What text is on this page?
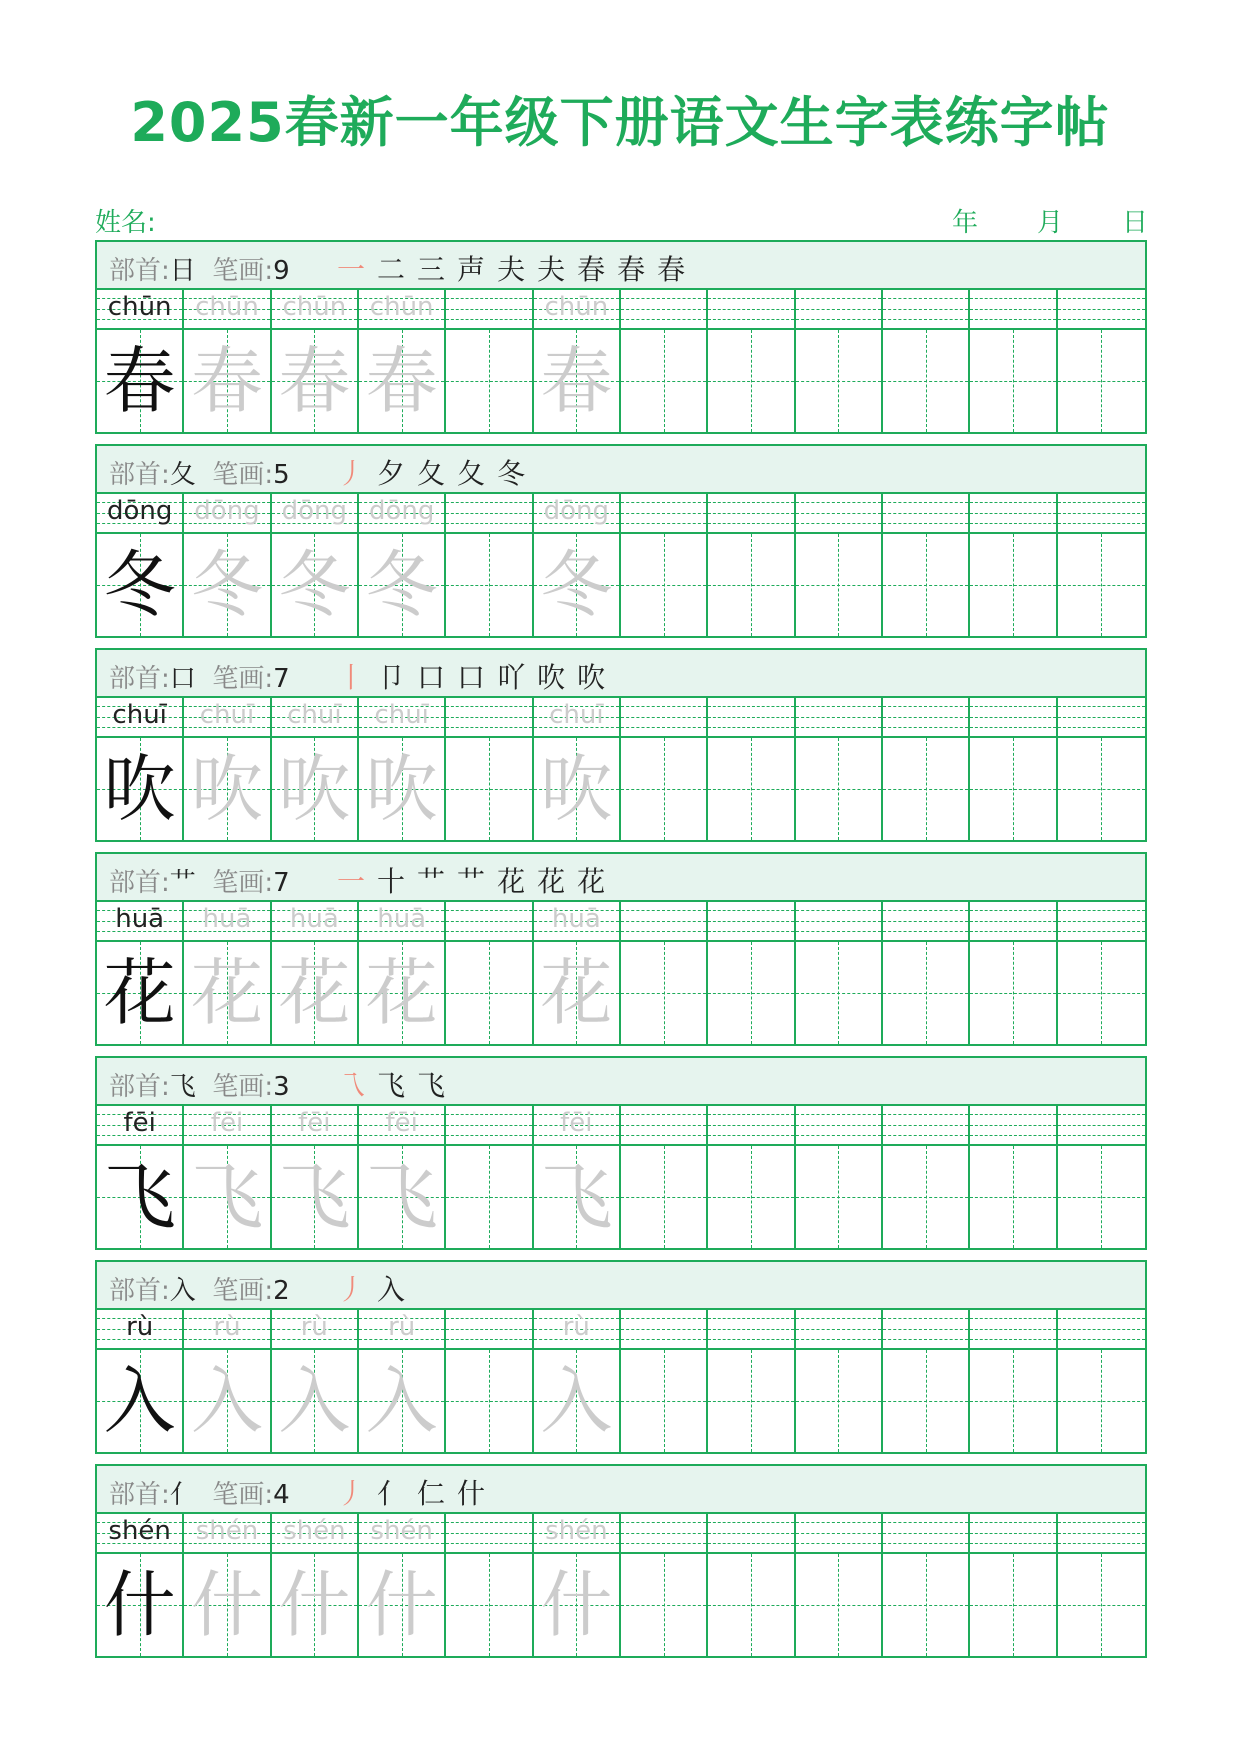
2025春新一年级下册语文生字表练字帖
姓名:	年 月 日
部首:日 笔画:9 一 二 三 声 夫 夫 春 春 春
chūn
春
chūn
春
chūn
春
chūn
春
chūn
春
部首:夂 笔画:5 丿 夕 夂 夂 冬
dōng
冬
dōng
冬
dōng
冬
dōng
冬
dōng
冬
部首:口 笔画:7 丨 卩 口 口 吖 吹 吹
chuī
吹
chuī
吹
chuī
吹
chuī
吹
chuī
吹
部首:艹 笔画:7 一 十 艹 艹 花 花 花
huā
花
huā
花
huā
花
huā
花
huā
花
部首:飞 笔画:3 乁 飞 飞
fēi
飞
fēi
飞
fēi
飞
fēi
飞
fēi
飞
部首:入 笔画:2 丿 入
rù
入
rù
入
rù
入
rù
入
rù
入
部首:亻 笔画:4 丿 亻 仁 什
shén
什
shén
什
shén
什
shén
什
shén
什
